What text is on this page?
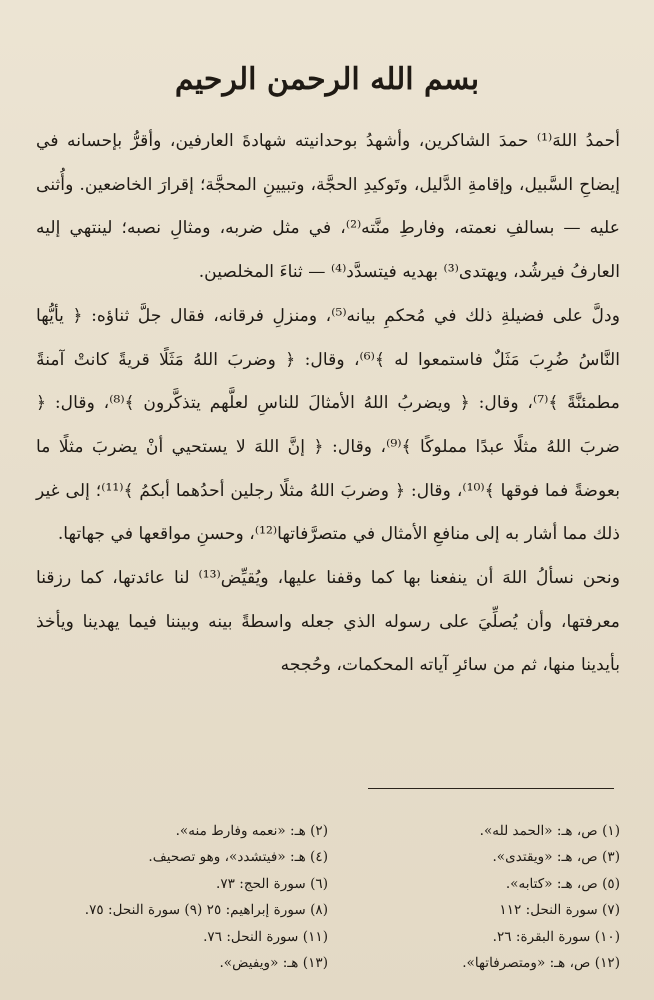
بسم الله الرحمن الرحيم

أحمدُ اللهَ⁽¹⁾ حمدَ الشاكرين، وأشهدُ بوحدانيته شهادةَ العارفين، وأقرُّ بإحسانه في إيضاحِ السَّبيل، وإقامةِ الدَّليل، وتَوكيدِ الحجَّة، وتبيينِ المحجَّة؛ إقرارَ الخاضعين. وأُثنى عليه — بسالفِ نعمته، وفارطِ منَّته⁽²⁾، في مثل ضربه، ومثالِ نصبه؛ لينتهي إليه العارفُ فيرشُد، ويهتدى⁽³⁾ بهديه فيتسدَّد⁽⁴⁾ — ثناءَ المخلصين.

ودلَّ على فضيلةِ ذلك في مُحكمِ بيانه⁽⁵⁾، ومنزلِ فرقانه، فقال جلَّ ثناؤه: ﴿ يأيُّها النَّاسُ ضُرِبَ مَثَلٌ فاستمعوا له ﴾⁽⁶⁾، وقال: ﴿ وضربَ اللهُ مَثَلًا قريةً كانتْ آمنةً مطمئنَّةً ﴾⁽⁷⁾، وقال: ﴿ ويضربُ اللهُ الأمثالَ للناسِ لعلَّهم يتذكَّرون ﴾⁽⁸⁾، وقال: ﴿ ضربَ اللهُ مثلًا عبدًا مملوكًا ﴾⁽⁹⁾، وقال: ﴿ إنَّ اللهَ لا يستحيي أنْ يضربَ مثلًا ما بعوضةً فما فوقها ﴾⁽¹⁰⁾، وقال: ﴿ وضربَ اللهُ مثلًا رجلين أحدُهما أبكمُ ﴾⁽¹¹⁾؛ إلى غير ذلك مما أشار به إلى منافعِ الأمثال في متصرَّفاتها⁽¹²⁾، وحسنِ مواقعها في جهاتها.

ونحن نسألُ اللهَ أن ينفعنا بها كما وقفنا عليها، ويُقيِّض⁽¹³⁾ لنا عائدتها، كما رزقنا معرفتها، وأن يُصلِّيَ على رسوله الذي جعله واسطةً بينه وبيننا فيما يهدينا ويأخذ بأيدينا منها، ثم من سائرِ آياته المحكمات، وحُججه

(١) ص، هـ: «الحمد لله».
(٢) هـ: «نعمه وفارط منه».
(٣) ص، هـ: «ويقتدى».
(٤) هـ: «فيتشدد»، وهو تصحيف.
(٥) ص، هـ: «كتابه».
(٦) سورة الحج: ٧٣.
(٧) سورة النحل: ١١٢
(٨) سورة إبراهيم: ٢٥ (٩) سورة النحل: ٧٥.
(١٠) سورة البقرة: ٢٦.
(١١) سورة النحل: ٧٦.
(١٢) ص، هـ: «ومتصرفاتها».
(١٣) هـ: «ويفيض».
